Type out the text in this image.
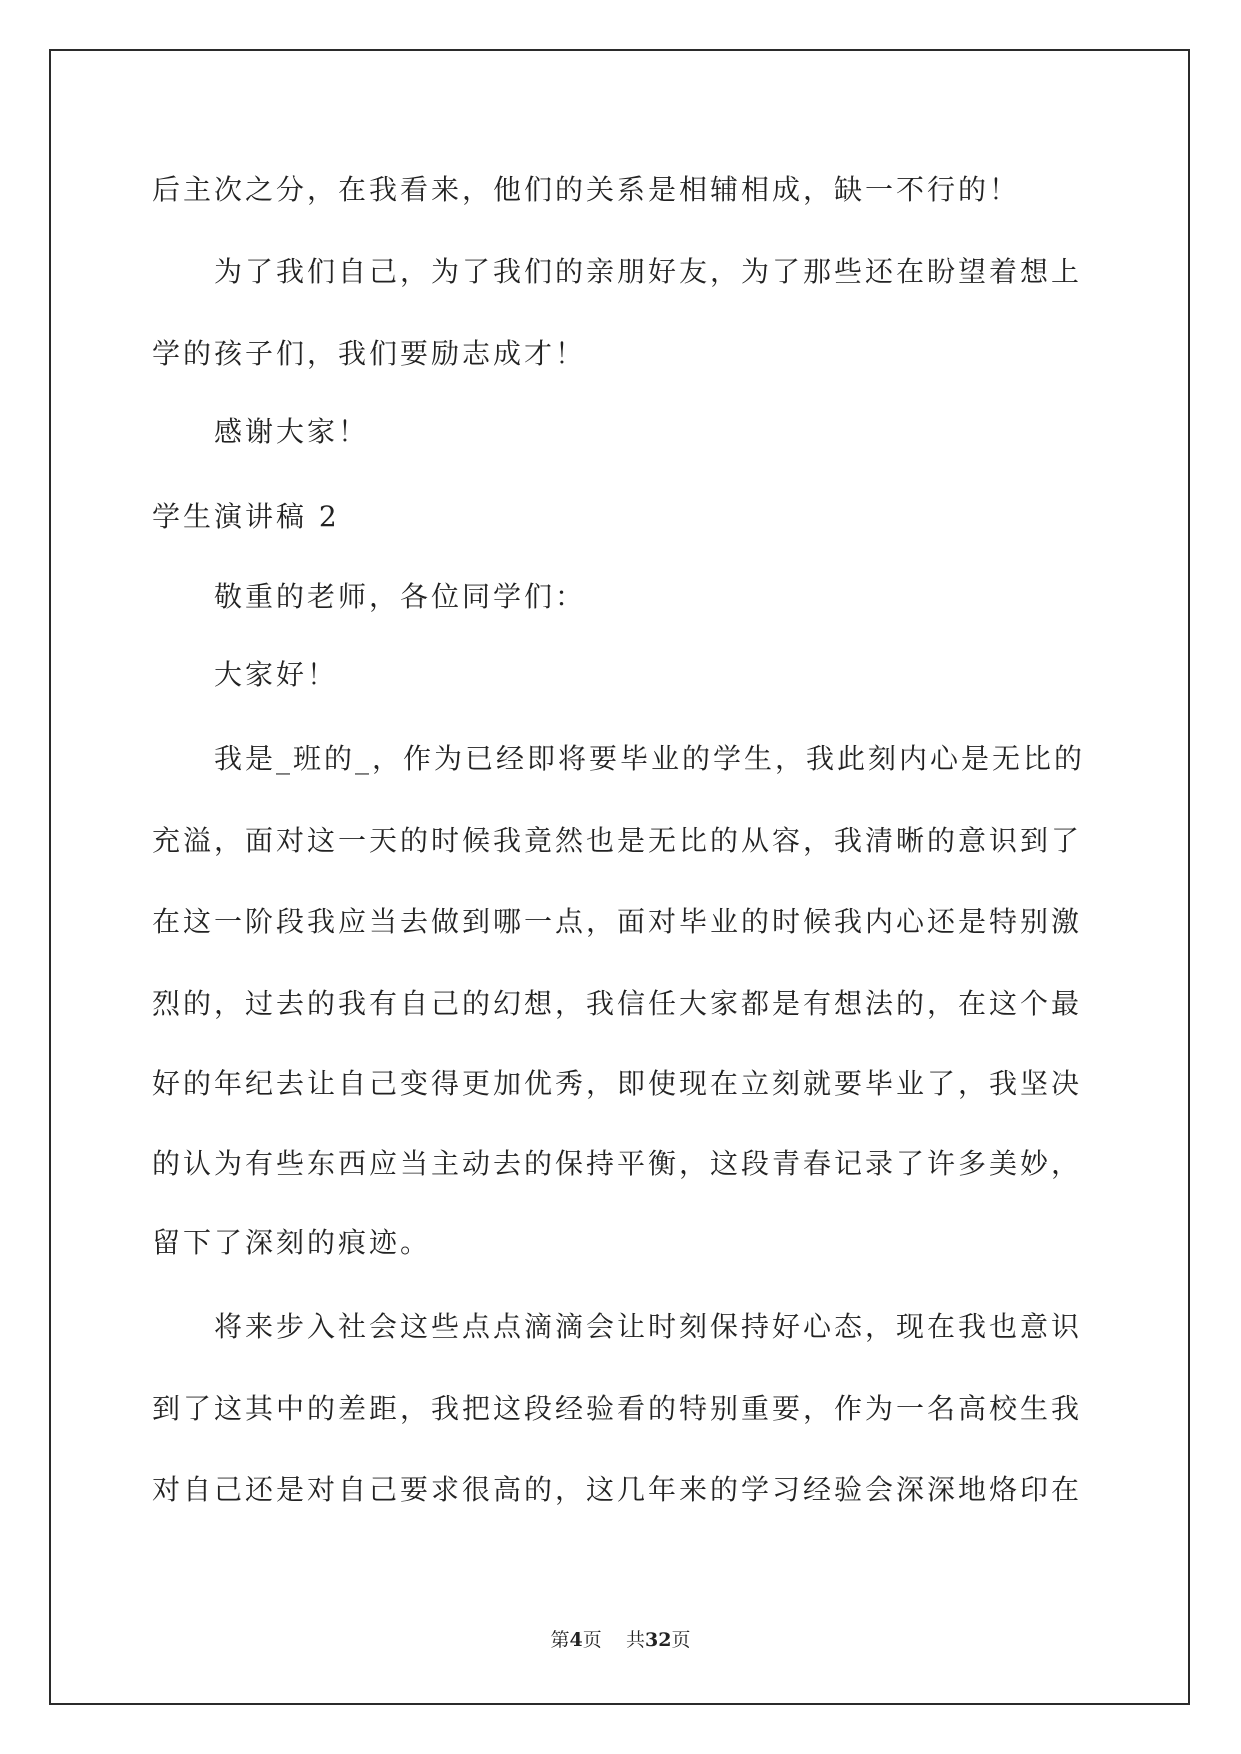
后主次之分，在我看来，他们的关系是相辅相成，缺一不行的！
为了我们自己，为了我们的亲朋好友，为了那些还在盼望着想上
学的孩子们，我们要励志成才！
感谢大家！
学生演讲稿 2
敬重的老师，各位同学们：
大家好！
我是_班的_，作为已经即将要毕业的学生，我此刻内心是无比的
充溢，面对这一天的时候我竟然也是无比的从容，我清晰的意识到了
在这一阶段我应当去做到哪一点，面对毕业的时候我内心还是特别激
烈的，过去的我有自己的幻想，我信任大家都是有想法的，在这个最
好的年纪去让自己变得更加优秀，即使现在立刻就要毕业了，我坚决
的认为有些东西应当主动去的保持平衡，这段青春记录了许多美妙，
留下了深刻的痕迹。
将来步入社会这些点点滴滴会让时刻保持好心态，现在我也意识
到了这其中的差距，我把这段经验看的特别重要，作为一名高校生我
对自己还是对自己要求很高的，这几年来的学习经验会深深地烙印在
第4页 共32页
